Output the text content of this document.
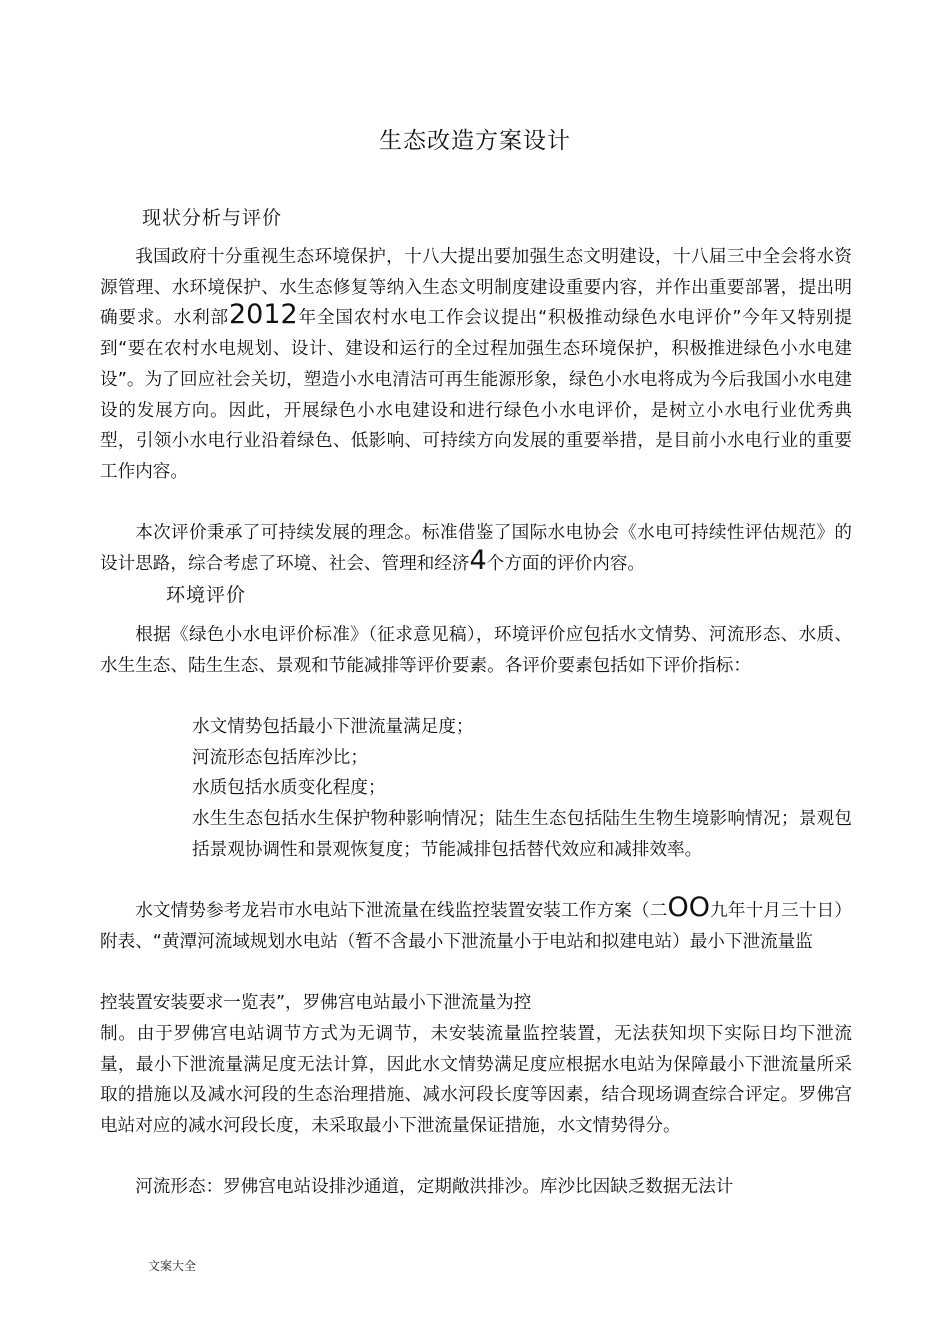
生态改造方案设计
现状分析与评价

我国政府十分重视生态环境保护，十八大提出要加强生态文明建设，十八届三中全会将水资源管理、水环境保护、水生态修复等纳入生态文明制度建设重要内容，并作出重要部署，提出明确要求。水利部2012年全国农村水电工作会议提出“积极推动绿色水电评价”今年又特别提到“要在农村水电规划、设计、建设和运行的全过程加强生态环境保护，积极推进绿色小水电建设”。为了回应社会关切，塑造小水电清洁可再生能源形象，绿色小水电将成为今后我国小水电建设的发展方向。因此，开展绿色小水电建设和进行绿色小水电评价，是树立小水电行业优秀典型，引领小水电行业沿着绿色、低影响、可持续方向发展的重要举措，是目前小水电行业的重要工作内容。

本次评价秉承了可持续发展的理念。标准借鉴了国际水电协会《水电可持续性评估规范》的设计思路，综合考虑了环境、社会、管理和经济4个方面的评价内容。

环境评价

根据《绿色小水电评价标准》（征求意见稿），环境评价应包括水文情势、河流形态、水质、水生生态、陆生生态、景观和节能减排等评价要素。各评价要素包括如下评价指标：

水文情势包括最小下泄流量满足度；
河流形态包括库沙比；
水质包括水质变化程度；
水生生态包括水生保护物种影响情况；陆生生态包括陆生生物生境影响情况；景观包括景观协调性和景观恢复度；节能减排包括替代效应和减排效率。

水文情势参考龙岩市水电站下泄流量在线监控装置安装工作方案（二OO九年十月三十日）附表、“黄潭河流域规划水电站（暂不含最小下泄流量小于电站和拟建电站）最小下泄流量监

控装置安装要求一览表”，罗佛宫电站最小下泄流量为控

制。由于罗佛宫电站调节方式为无调节，未安装流量监控装置，无法获知坝下实际日均下泄流量，最小下泄流量满足度无法计算，因此水文情势满足度应根据水电站为保障最小下泄流量所采取的措施以及减水河段的生态治理措施、减水河段长度等因素，结合现场调查综合评定。罗佛宫电站对应的减水河段长度，未采取最小下泄流量保证措施，水文情势得分。

河流形态：罗佛宫电站设排沙通道，定期敞洪排沙。库沙比因缺乏数据无法计

文案大全
